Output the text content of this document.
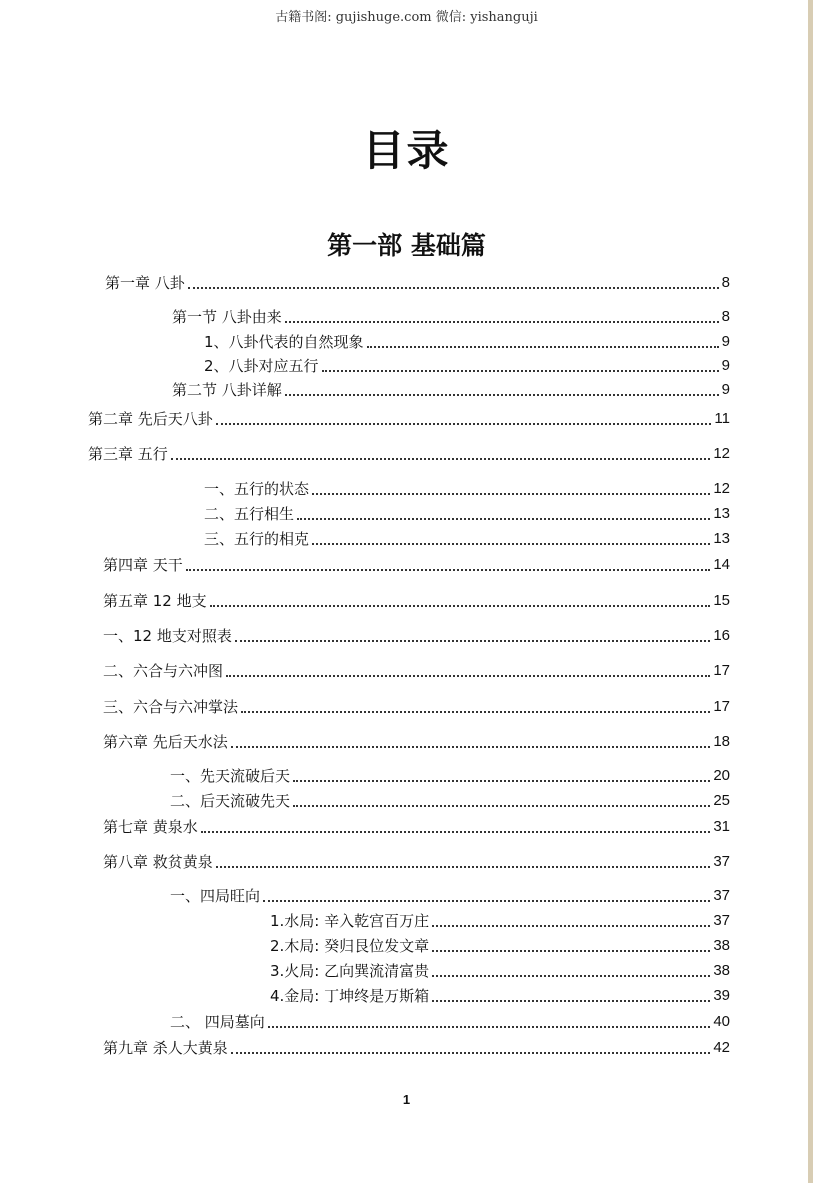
古籍书阁: gujishuge.com 微信: yishanguji
目录
第一部 基础篇
第一章 八卦	8
第一节 八卦由来	8
1、八卦代表的自然现象	9
2、八卦对应五行	9
第二节 八卦详解	9
第二章 先后天八卦	11
第三章 五行	12
一、五行的状态	12
二、五行相生	13
三、五行的相克	13
第四章 天干	14
第五章 12 地支	15
一、12 地支对照表	16
二、六合与六冲图	17
三、六合与六冲掌法	17
第六章 先后天水法	18
一、先天流破后天	20
二、后天流破先天	25
第七章 黄泉水	31
第八章 救贫黄泉	37
一、四局旺向	37
1.水局: 辛入乾宫百万庄	37
2.木局: 癸归艮位发文章	38
3.火局: 乙向巽流清富贵	38
4.金局: 丁坤终是万斯箱	39
二、 四局墓向	40
第九章 杀人大黄泉	42
1
